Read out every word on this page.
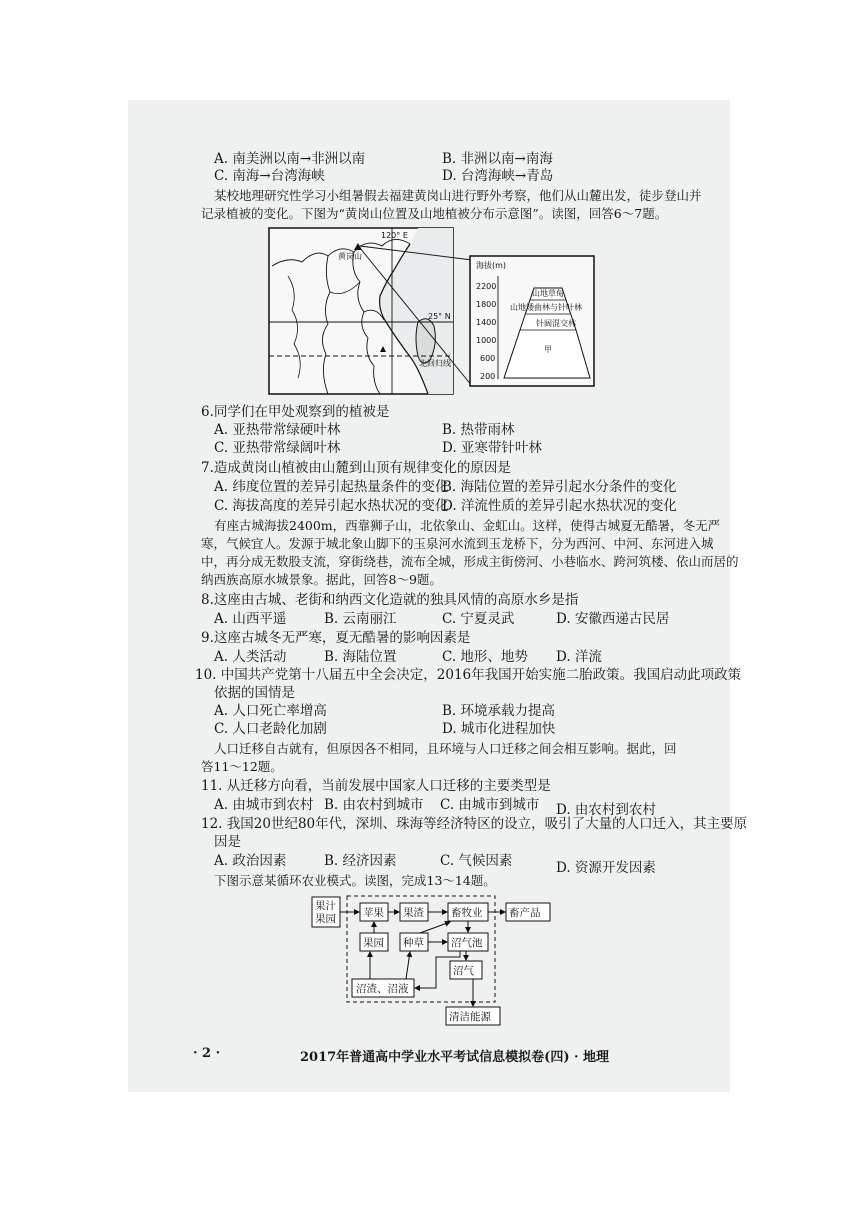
A. 南美洲以南→非洲以南	B. 非洲以南→南海
C. 南海→台湾海峡	D. 台湾海峡→青岛
某校地理研究性学习小组暑假去福建黄岗山进行野外考察，他们从山麓出发，徒步登山并
记录植被的变化。下图为“黄岗山位置及山地植被分布示意图”。读图，回答6～7题。
120° E
25° N
北回归线
黄岗山
海拔(m)
2200
1800
1400
1000
600
200
山地草甸
山地矮曲林与针叶林
针阔混交林
甲
6.同学们在甲处观察到的植被是
A. 亚热带常绿硬叶林	B. 热带雨林
C. 亚热带常绿阔叶林	D. 亚寒带针叶林
7.造成黄岗山植被由山麓到山顶有规律变化的原因是
A. 纬度位置的差异引起热量条件的变化
B. 海陆位置的差异引起水分条件的变化
C. 海拔高度的差异引起水热状况的变化
D. 洋流性质的差异引起水热状况的变化
有座古城海拔2400m，西靠狮子山，北依象山、金虹山。这样，使得古城夏无酷暑，冬无严
寒，气候宜人。发源于城北象山脚下的玉泉河水流到玉龙桥下，分为西河、中河、东河进入城
中，再分成无数股支流，穿街绕巷，流布全城，形成主街傍河、小巷临水、跨河筑楼、依山而居的
纳西族高原水城景象。据此，回答8～9题。
8.这座由古城、老街和纳西文化造就的独具风情的高原水乡是指
A. 山西平遥	B. 云南丽江	C. 宁夏灵武	D. 安徽西递古民居
9.这座古城冬无严寒，夏无酷暑的影响因素是
A. 人类活动	B. 海陆位置	C. 地形、地势 D. 洋流
10. 中国共产党第十八届五中全会决定，2016年我国开始实施二胎政策。我国启动此项政策
依据的国情是
A. 人口死亡率增高	B. 环境承载力提高
C. 人口老龄化加剧	D. 城市化进程加快
人口迁移自古就有，但原因各不相同，且环境与人口迁移之间会相互影响。据此，回
答11～12题。
11. 从迁移方向看，当前发展中国家人口迁移的主要类型是
A. 由城市到农村 B. 由农村到城市 C. 由城市到城市 D. 由农村到农村
12. 我国20世纪80年代，深圳、珠海等经济特区的设立，吸引了大量的人口迁入，其主要原
因是
A. 政治因素	B. 经济因素	C. 气候因素	D. 资源开发因素
下图示意某循环农业模式。读图，完成13～14题。
果汁
果园	苹果 果渣	畜牧业	畜产品
果园 种草	沼气池
沼气
沼渣、沼液
清洁能源
· 2 ·	2017年普通高中学业水平考试信息模拟卷(四) · 地理
